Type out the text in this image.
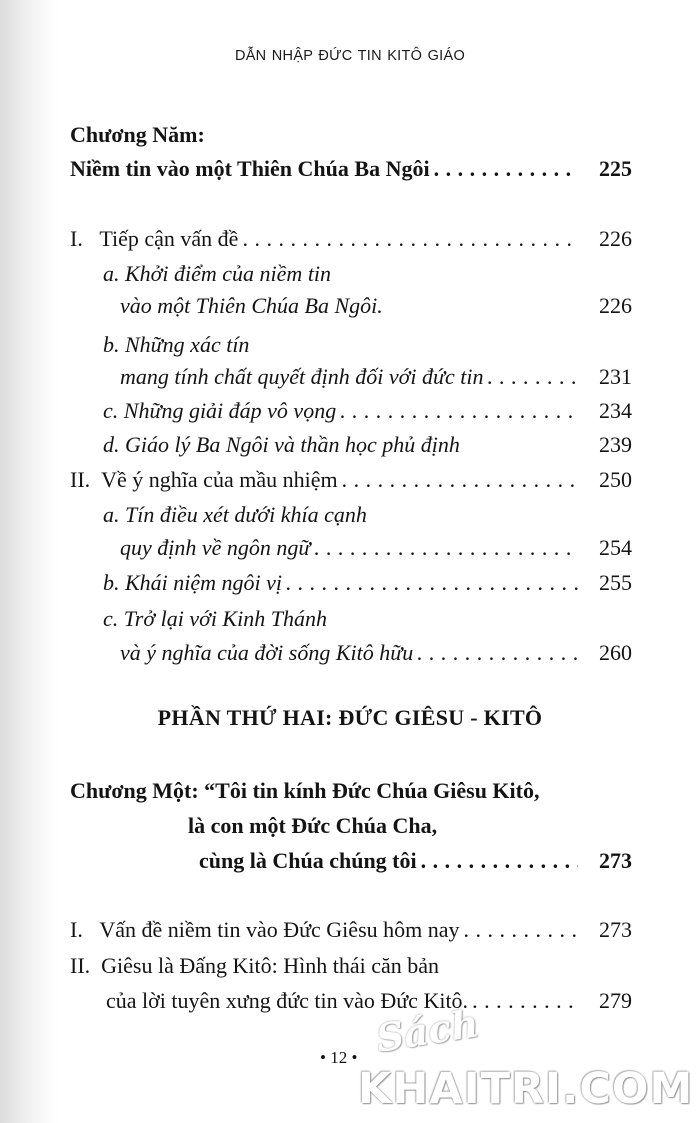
DẪN NHẬP ĐỨC TIN KITÔ GIÁO
Chương Năm:
Niềm tin vào một Thiên Chúa Ba Ngôi . . .	225
I.   Tiếp cận vấn đề . . .	226
a. Khởi điểm của niềm tin
vào một Thiên Chúa Ba Ngôi.	226
b. Những xác tín
mang tính chất quyết định đối với đức tin . . .	231
c. Những giải đáp vô vọng . . .	234
d. Giáo lý Ba Ngôi và thần học phủ định	239
II.  Về ý nghĩa của mầu nhiệm . . .	250
a. Tín điều xét dưới khía cạnh
quy định về ngôn ngữ . . .	254
b. Khái niệm ngôi vị . . .	255
c. Trở lại với Kinh Thánh
và ý nghĩa của đời sống Kitô hữu . . .	260
PHẦN THỨ HAI: ĐỨC GIÊSU - KITÔ
Chương Một: “Tôi tin kính Đức Chúa Giêsu Kitô,
là con một Đức Chúa Cha,
cùng là Chúa chúng tôi . . .	273
I.   Vấn đề niềm tin vào Đức Giêsu hôm nay . . .	273
II.  Giêsu là Đấng Kitô: Hình thái căn bản
của lời tuyên xưng đức tin vào Đức Kitô. . . .	279
• 12 • Sách
KHAITRI.COM
